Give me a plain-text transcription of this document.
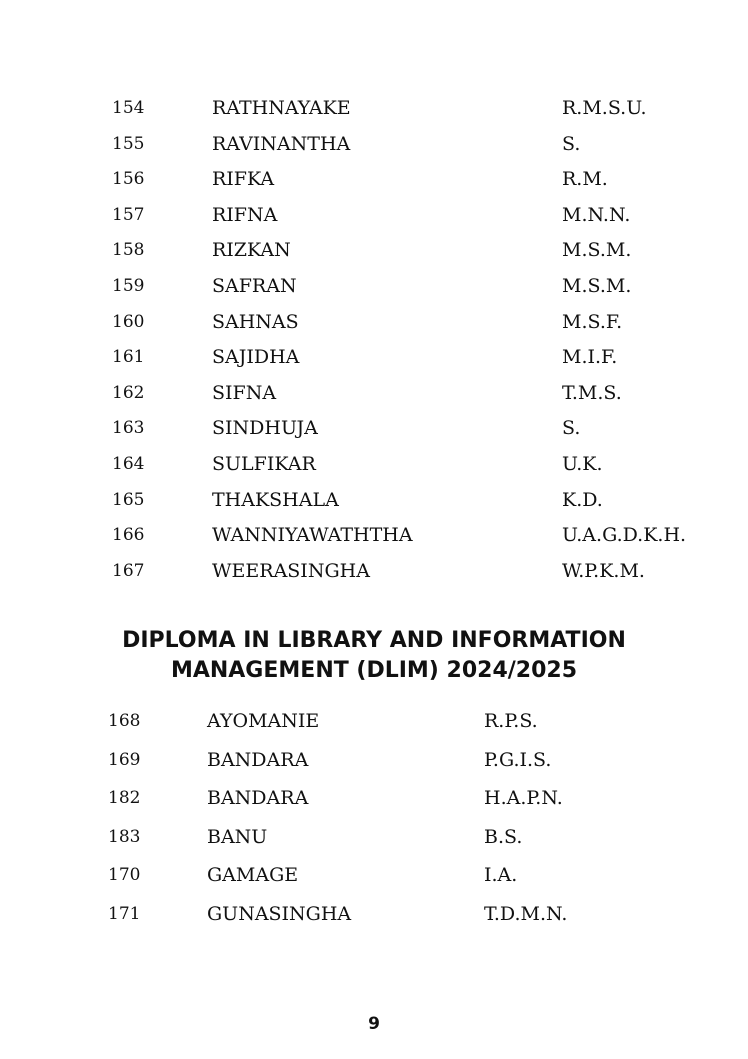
154	RATHNAYAKE	R.M.S.U.
155	RAVINANTHA	S.
156	RIFKA	R.M.
157	RIFNA	M.N.N.
158	RIZKAN	M.S.M.
159	SAFRAN	M.S.M.
160	SAHNAS	M.S.F.
161	SAJIDHA	M.I.F.
162	SIFNA	T.M.S.
163	SINDHUJA	S.
164	SULFIKAR	U.K.
165	THAKSHALA	K.D.
166	WANNIYAWATHTHA	U.A.G.D.K.H.
167	WEERASINGHA	W.P.K.M.
DIPLOMA IN LIBRARY AND INFORMATION
MANAGEMENT (DLIM) 2024/2025
168	AYOMANIE	R.P.S.
169	BANDARA	P.G.I.S.
182	BANDARA	H.A.P.N.
183	BANU	B.S.
170	GAMAGE	I.A.
171	GUNASINGHA	T.D.M.N.
9
